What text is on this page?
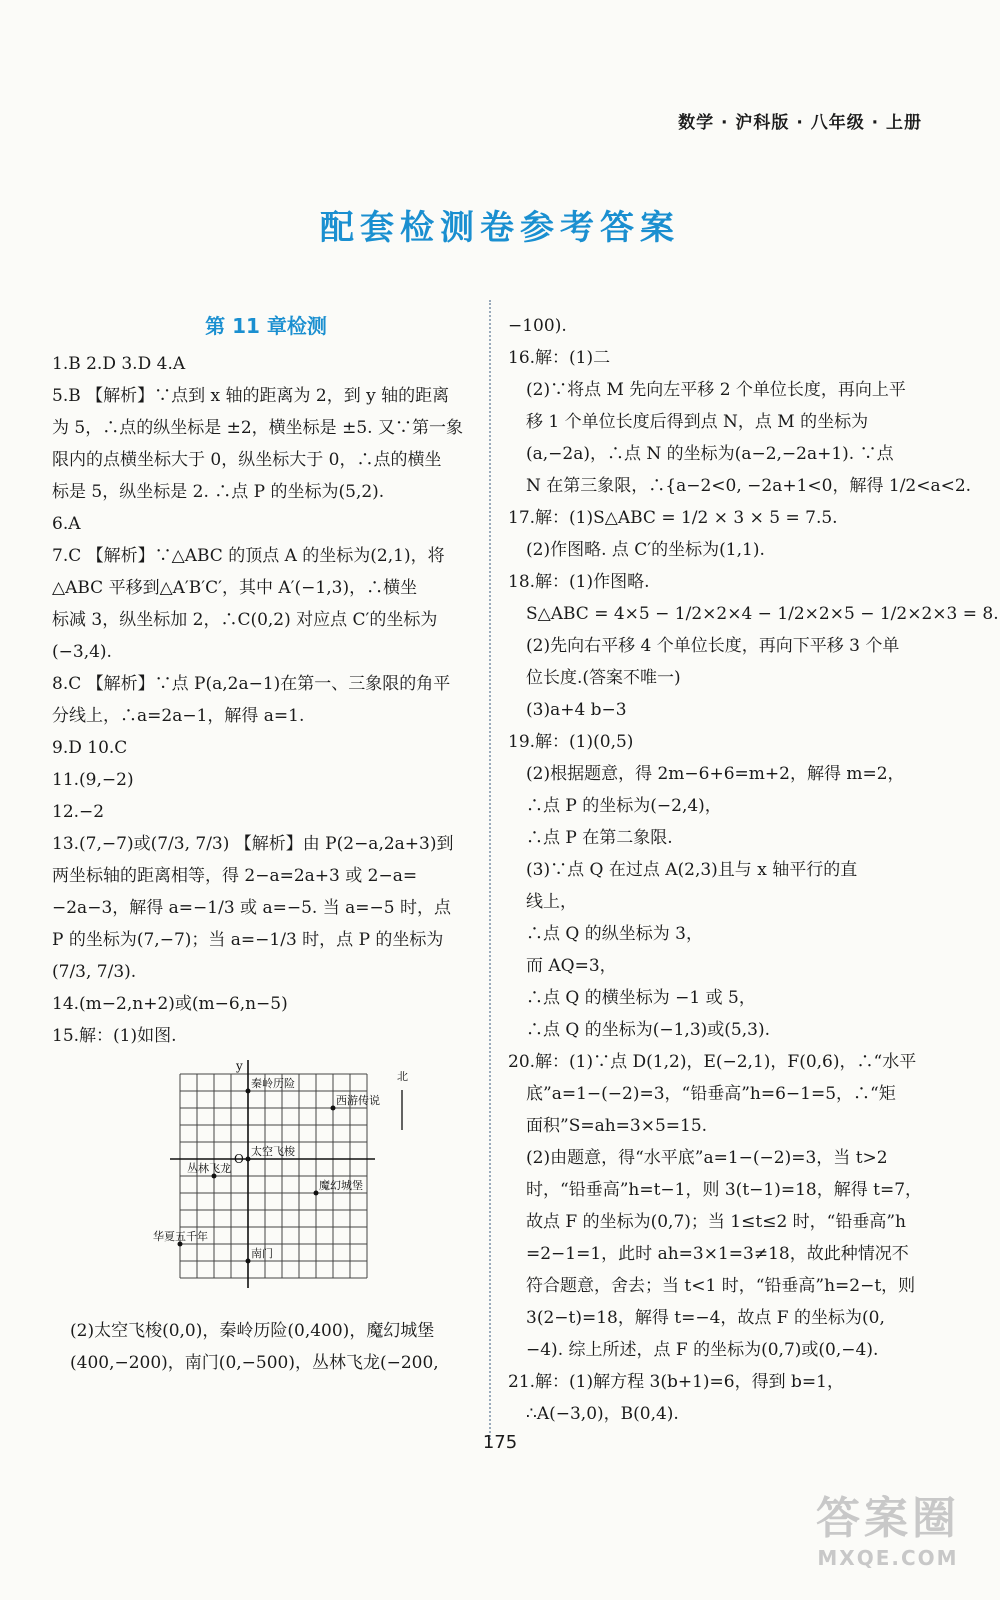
数学 · 沪科版 · 八年级 · 上册
配套检测卷参考答案
第 11 章检测
1.B 2.D 3.D 4.A
5.B 【解析】∵点到 x 轴的距离为 2，到 y 轴的距离
为 5，∴点的纵坐标是 ±2，横坐标是 ±5. 又∵第一象
限内的点横坐标大于 0，纵坐标大于 0，∴点的横坐
标是 5，纵坐标是 2. ∴点 P 的坐标为(5,2).
6.A
7.C 【解析】∵△ABC 的顶点 A 的坐标为(2,1)，将
△ABC 平移到△A′B′C′，其中 A′(−1,3)，∴横坐
标减 3，纵坐标加 2，∴C(0,2) 对应点 C′的坐标为
(−3,4).
8.C 【解析】∵点 P(a,2a−1)在第一、三象限的角平
分线上，∴a=2a−1，解得 a=1.
9.D 10.C
11.(9,−2)
12.−2
13.(7,−7)或(7/3, 7/3) 【解析】由 P(2−a,2a+3)到
两坐标轴的距离相等，得 2−a=2a+3 或 2−a=
−2a−3，解得 a=−1/3 或 a=−5. 当 a=−5 时，点
P 的坐标为(7,−7)；当 a=−1/3 时，点 P 的坐标为
(7/3, 7/3).
14.(m−2,n+2)或(m−6,n−5)
15.解：(1)如图.
y
O
北
秦岭历险
西游传说
太空飞梭
丛林飞龙
魔幻城堡
华夏五千年
南门
(2)太空飞梭(0,0)，秦岭历险(0,400)，魔幻城堡
(400,−200)，南门(0,−500)，丛林飞龙(−200,
−100).
16.解：(1)二
(2)∵将点 M 先向左平移 2 个单位长度，再向上平
移 1 个单位长度后得到点 N，点 M 的坐标为
(a,−2a)，∴点 N 的坐标为(a−2,−2a+1). ∵点
N 在第三象限，∴{a−2<0, −2a+1<0，解得 1/2<a<2.
17.解：(1)S△ABC = 1/2 × 3 × 5 = 7.5.
(2)作图略. 点 C′的坐标为(1,1).
18.解：(1)作图略.
S△ABC = 4×5 − 1/2×2×4 − 1/2×2×5 − 1/2×2×3 = 8.
(2)先向右平移 4 个单位长度，再向下平移 3 个单
位长度.(答案不唯一)
(3)a+4 b−3
19.解：(1)(0,5)
(2)根据题意，得 2m−6+6=m+2，解得 m=2，
∴点 P 的坐标为(−2,4)，
∴点 P 在第二象限.
(3)∵点 Q 在过点 A(2,3)且与 x 轴平行的直
线上，
∴点 Q 的纵坐标为 3，
而 AQ=3，
∴点 Q 的横坐标为 −1 或 5，
∴点 Q 的坐标为(−1,3)或(5,3).
20.解：(1)∵点 D(1,2)，E(−2,1)，F(0,6)，∴“水平
底”a=1−(−2)=3，“铅垂高”h=6−1=5，∴“矩
面积”S=ah=3×5=15.
(2)由题意，得“水平底”a=1−(−2)=3，当 t>2
时，“铅垂高”h=t−1，则 3(t−1)=18，解得 t=7，
故点 F 的坐标为(0,7)；当 1≤t≤2 时，“铅垂高”h
=2−1=1，此时 ah=3×1=3≠18，故此种情况不
符合题意，舍去；当 t<1 时，“铅垂高”h=2−t，则
3(2−t)=18，解得 t=−4，故点 F 的坐标为(0,
−4). 综上所述，点 F 的坐标为(0,7)或(0,−4).
21.解：(1)解方程 3(b+1)=6，得到 b=1，
∴A(−3,0)，B(0,4).
175
答案圈
MXQE.COM
